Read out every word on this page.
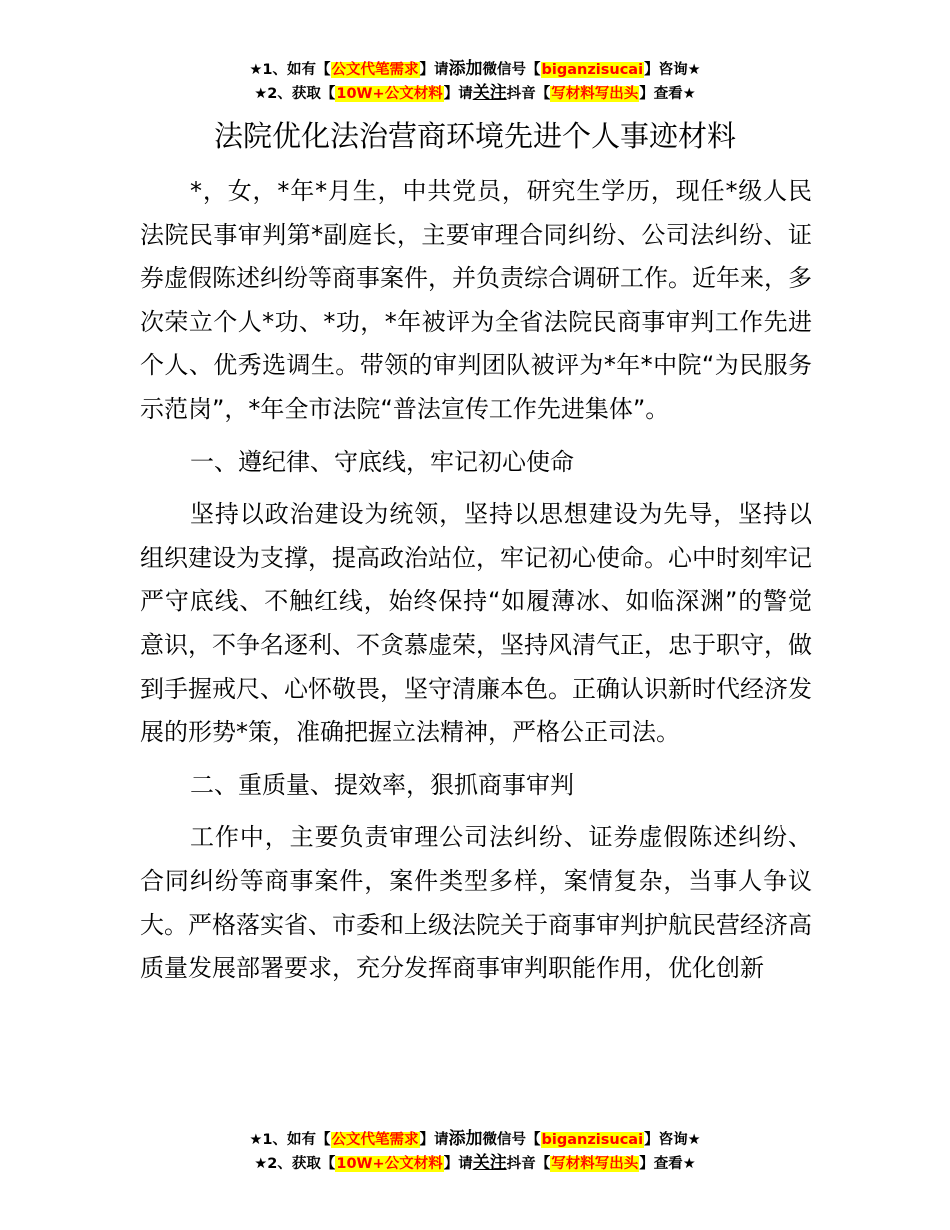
★1、如有【公文代笔需求】请添加微信号【biganzisucai】咨询★
★2、获取【10W+公文材料】请关注抖音【写材料写出头】查看★
法院优化法治营商环境先进个人事迹材料

*，女，*年*月生，中共党员，研究生学历，现任*级人民法院民事审判第*副庭长，主要审理合同纠纷、公司法纠纷、证券虚假陈述纠纷等商事案件，并负责综合调研工作。近年来，多次荣立个人*功、*功，*年被评为全省法院民商事审判工作先进个人、优秀选调生。带领的审判团队被评为*年*中院“为民服务示范岗”，*年全市法院“普法宣传工作先进集体”。

一、遵纪律、守底线，牢记初心使命

坚持以政治建设为统领，坚持以思想建设为先导，坚持以组织建设为支撑，提高政治站位，牢记初心使命。心中时刻牢记严守底线、不触红线，始终保持“如履薄冰、如临深渊”的警觉意识，不争名逐利、不贪慕虚荣，坚持风清气正，忠于职守，做到手握戒尺、心怀敬畏，坚守清廉本色。正确认识新时代经济发展的形势*策，准确把握立法精神，严格公正司法。

二、重质量、提效率，狠抓商事审判

工作中，主要负责审理公司法纠纷、证券虚假陈述纠纷、合同纠纷等商事案件，案件类型多样，案情复杂，当事人争议大。严格落实省、市委和上级法院关于商事审判护航民营经济高质量发展部署要求，充分发挥商事审判职能作用，优化创新

★1、如有【公文代笔需求】请添加微信号【biganzisucai】咨询★
★2、获取【10W+公文材料】请关注抖音【写材料写出头】查看★
